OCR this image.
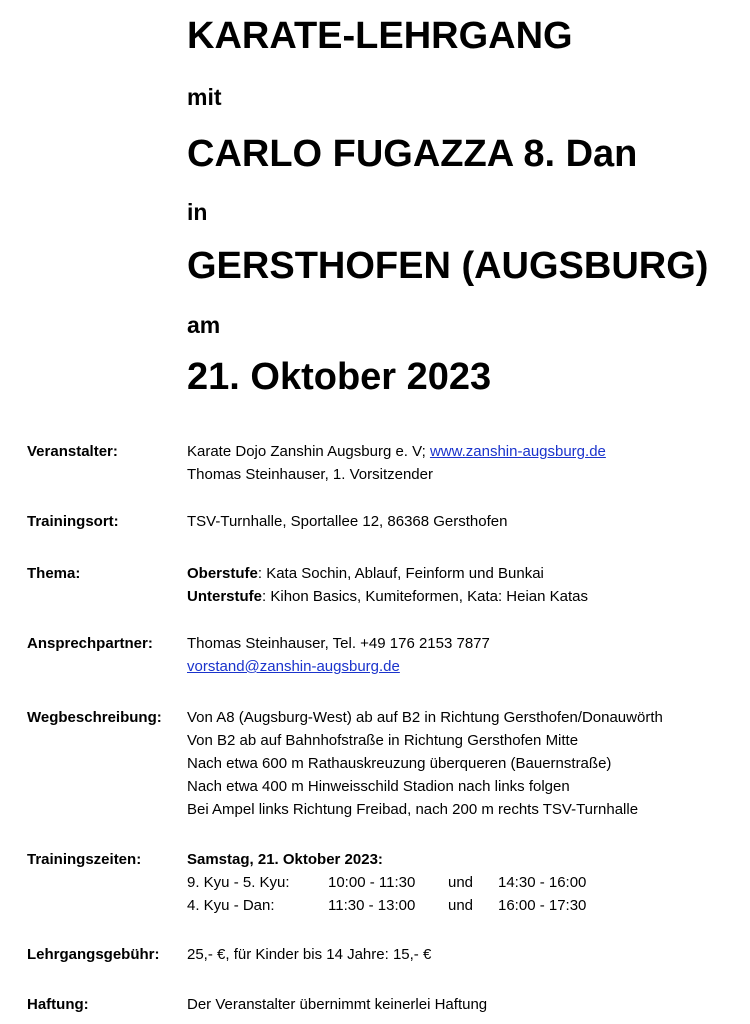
KARATE-LEHRGANG
mit
CARLO FUGAZZA 8. Dan
in
GERSTHOFEN (AUGSBURG)
am
21. Oktober 2023
Veranstalter:	Karate Dojo Zanshin Augsburg e. V; www.zanshin-augsburg.de
Thomas Steinhauser, 1. Vorsitzender
Trainingsort:	TSV-Turnhalle, Sportallee 12, 86368 Gersthofen
Thema:	Oberstufe: Kata Sochin, Ablauf, Feinform und Bunkai
Unterstufe: Kihon Basics, Kumiteformen, Kata: Heian Katas
Ansprechpartner: Thomas Steinhauser, Tel. +49 176 2153 7877
vorstand@zanshin-augsburg.de
Wegbeschreibung: Von A8 (Augsburg-West) ab auf B2 in Richtung Gersthofen/Donauwörth
Von B2 ab auf Bahnhofstraße in Richtung Gersthofen Mitte
Nach etwa 600 m Rathauskreuzung überqueren (Bauernstraße)
Nach etwa 400 m Hinweisschild Stadion nach links folgen
Bei Ampel links Richtung Freibad, nach 200 m rechts TSV-Turnhalle
Trainingszeiten:	Samstag, 21. Oktober 2023:
9. Kyu - 5. Kyu:	10:00 - 11:30 und 14:30 - 16:00
4. Kyu - Dan:	11:30 - 13:00 und 16:00 - 17:30
Lehrgangsgebühr: 25,- €, für Kinder bis 14 Jahre: 15,- €
Haftung:	Der Veranstalter übernimmt keinerlei Haftung
